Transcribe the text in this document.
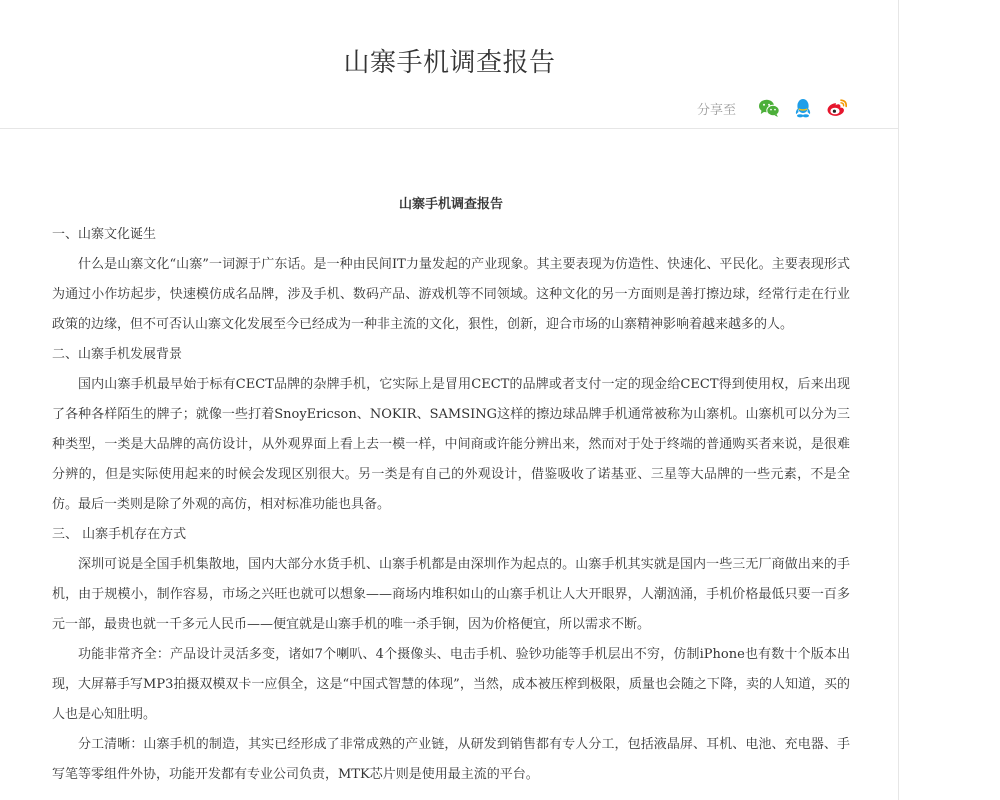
山寨手机调查报告
分享至

山寨手机调查报告

一、山寨文化诞生

什么是山寨文化“山寨”一词源于广东话。是一种由民间IT力量发起的产业现象。其主要表现为仿造性、快速化、平民化。主要表现形式为通过小作坊起步，快速模仿成名品牌，涉及手机、数码产品、游戏机等不同领域。这种文化的另一方面则是善打擦边球，经常行走在行业政策的边缘，但不可否认山寨文化发展至今已经成为一种非主流的文化，狠性，创新，迎合市场的山寨精神影响着越来越多的人。

二、山寨手机发展背景

国内山寨手机最早始于标有CECT品牌的杂牌手机，它实际上是冒用CECT的品牌或者支付一定的现金给CECT得到使用权，后来出现了各种各样陌生的牌子；就像一些打着SnoyEricson、NOKIR、SAMSING这样的擦边球品牌手机通常被称为山寨机。山寨机可以分为三种类型，一类是大品牌的高仿设计，从外观界面上看上去一模一样，中间商或许能分辨出来，然而对于处于终端的普通购买者来说，是很难分辨的，但是实际使用起来的时候会发现区别很大。另一类是有自己的外观设计，借鉴吸收了诺基亚、三星等大品牌的一些元素，不是全仿。最后一类则是除了外观的高仿，相对标准功能也具备。

三、 山寨手机存在方式

深圳可说是全国手机集散地，国内大部分水货手机、山寨手机都是由深圳作为起点的。山寨手机其实就是国内一些三无厂商做出来的手机，由于规模小，制作容易，市场之兴旺也就可以想象——商场内堆积如山的山寨手机让人大开眼界，人潮汹涌，手机价格最低只要一百多元一部，最贵也就一千多元人民币——便宜就是山寨手机的唯一杀手锏，因为价格便宜，所以需求不断。

功能非常齐全：产品设计灵活多变，诸如7个喇叭、4个摄像头、电击手机、验钞功能等手机层出不穷，仿制iPhone也有数十个版本出现，大屏幕手写MP3拍摄双模双卡一应俱全，这是“中国式智慧的体现”，当然，成本被压榨到极限，质量也会随之下降，卖的人知道，买的人也是心知肚明。

分工清晰：山寨手机的制造，其实已经形成了非常成熟的产业链，从研发到销售都有专人分工，包括液晶屏、耳机、电池、充电器、手写笔等零组件外协，功能开发都有专业公司负责，MTK芯片则是使用最主流的平台。
